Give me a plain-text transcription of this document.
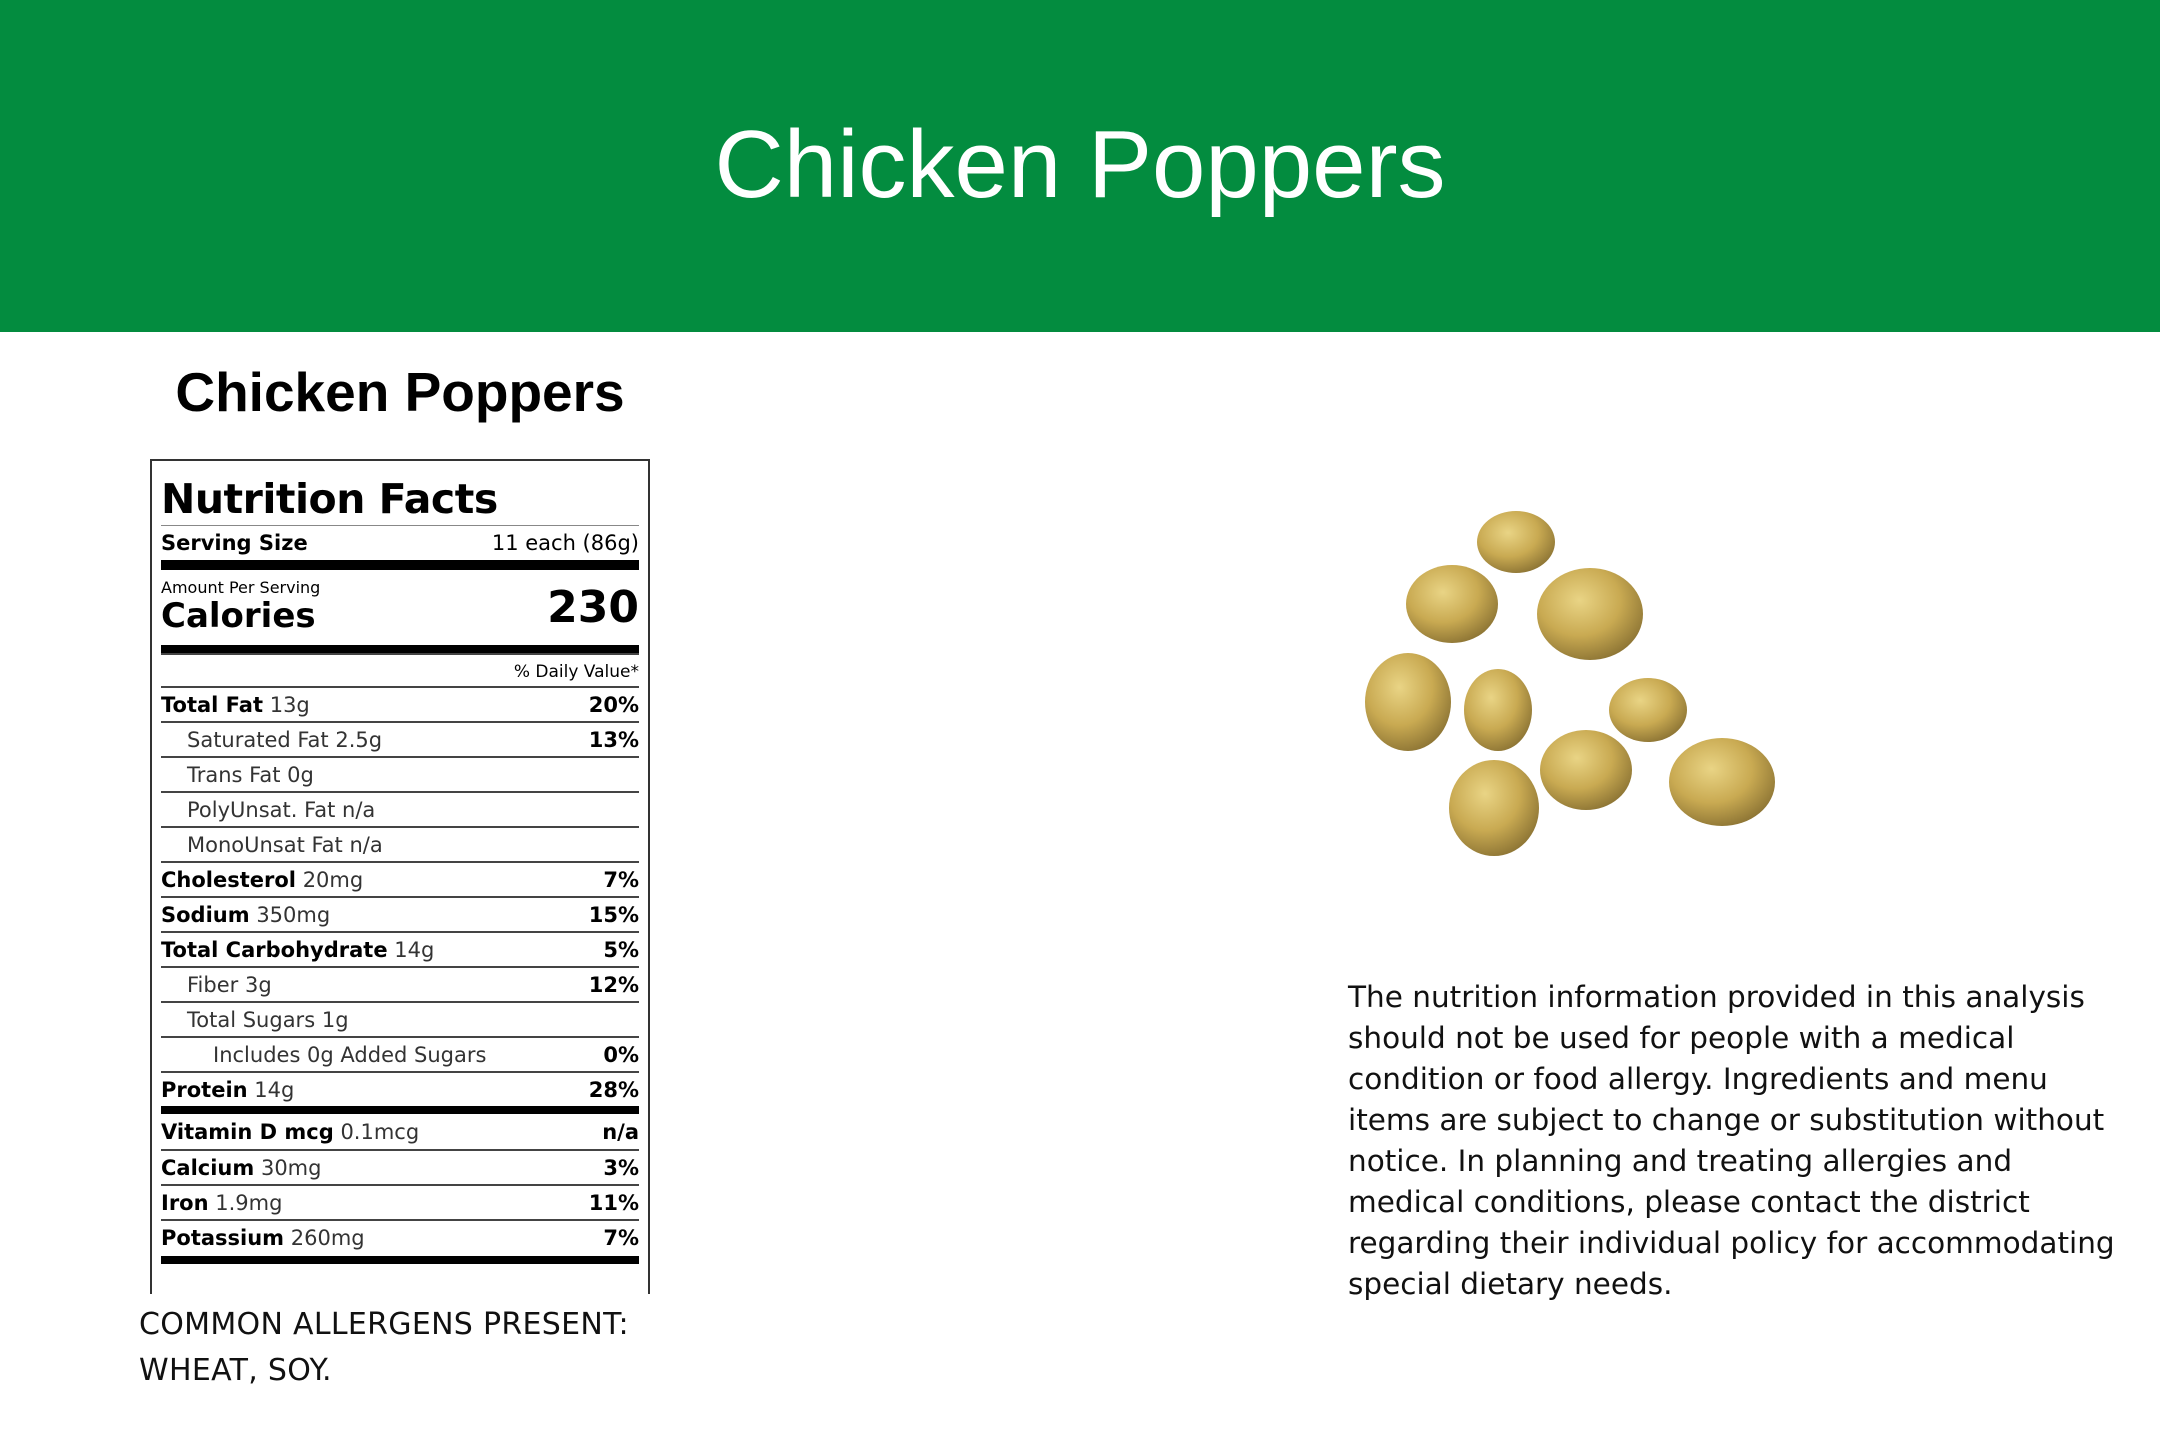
Chicken Poppers
Chicken Poppers
Nutrition Facts
Serving Size	11 each (86g)
Amount Per Serving
Calories	230
% Daily Value*
Total Fat 13g	20%
Saturated Fat 2.5g	13%
Trans Fat 0g
PolyUnsat. Fat n/a
MonoUnsat Fat n/a
Cholesterol 20mg	7%
Sodium 350mg	15%
Total Carbohydrate 14g	5%
Fiber 3g	12%
Total Sugars 1g
Includes 0g Added Sugars	0%
Protein 14g	28%
Vitamin D mcg 0.1mcg	n/a
Calcium 30mg	3%
Iron 1.9mg	11%
Potassium 260mg	7%
COMMON ALLERGENS PRESENT:
WHEAT, SOY.
The nutrition information provided in this analysis should not be used for people with a medical condition or food allergy. Ingredients and menu items are subject to change or substitution without notice. In planning and treating allergies and medical conditions, please contact the district regarding their individual policy for accommodating special dietary needs.
